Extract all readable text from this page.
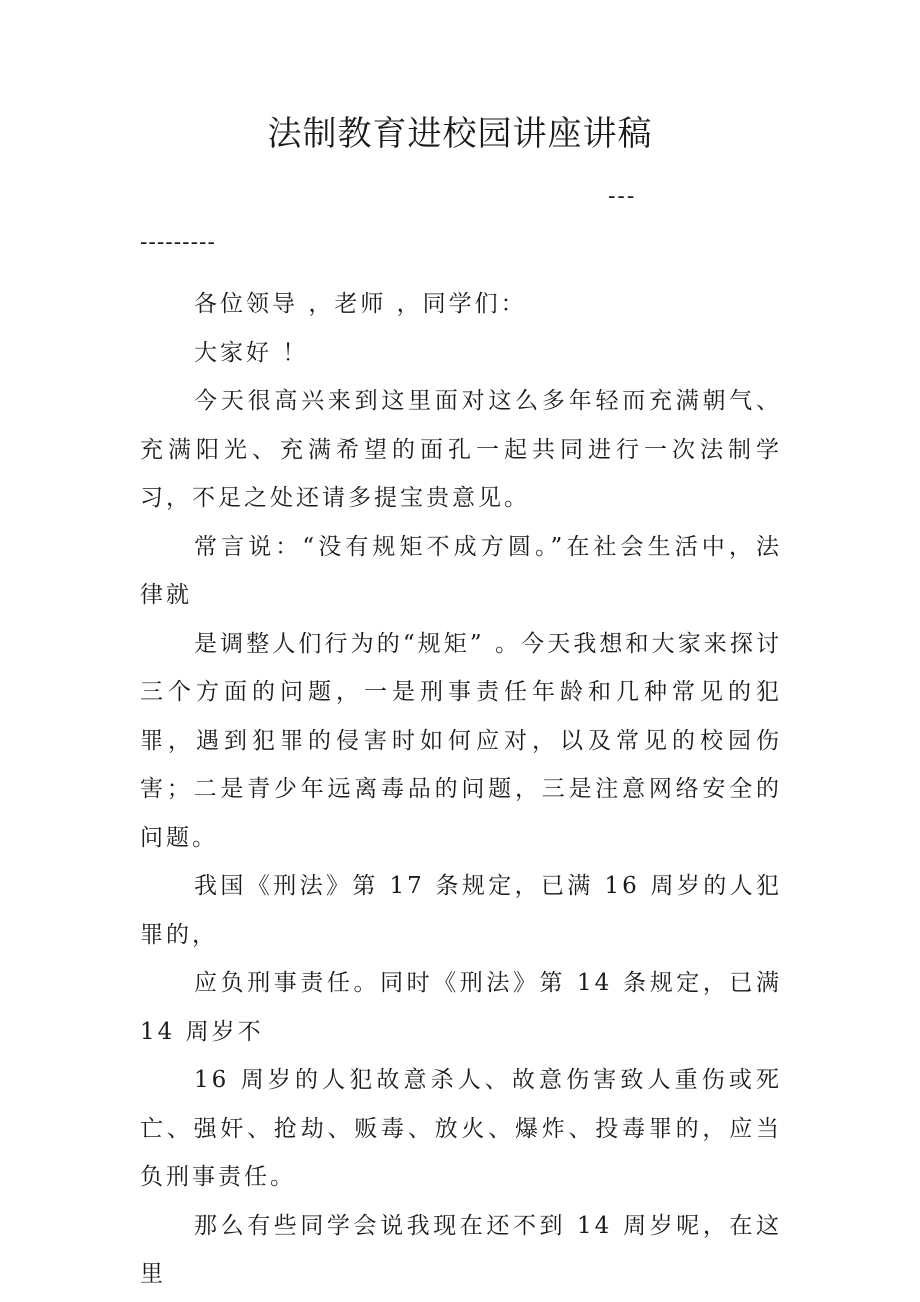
法制教育进校园讲座讲稿
---
---------

各位领导 ，老师 ，同学们：

大家好 ！

今天很高兴来到这里面对这么多年轻而充满朝气、充满阳光、充满希望的面孔一起共同进行一次法制学习，不足之处还请多提宝贵意见。

常言说：“没有规矩不成方圆。”在社会生活中，法律就

是调整人们行为的“规矩” 。今天我想和大家来探讨三个方面的问题，一是刑事责任年龄和几种常见的犯罪，遇到犯罪的侵害时如何应对，以及常见的校园伤害；二是青少年远离毒品的问题，三是注意网络安全的问题。

我国《刑法》第 17 条规定，已满 16 周岁的人犯罪的，

应负刑事责任。同时《刑法》第 14 条规定，已满 14 周岁不

16 周岁的人犯故意杀人、故意伤害致人重伤或死亡、强奸、抢劫、贩毒、放火、爆炸、投毒罪的，应当负刑事责任。

那么有些同学会说我现在还不到 14 周岁呢，在这里
